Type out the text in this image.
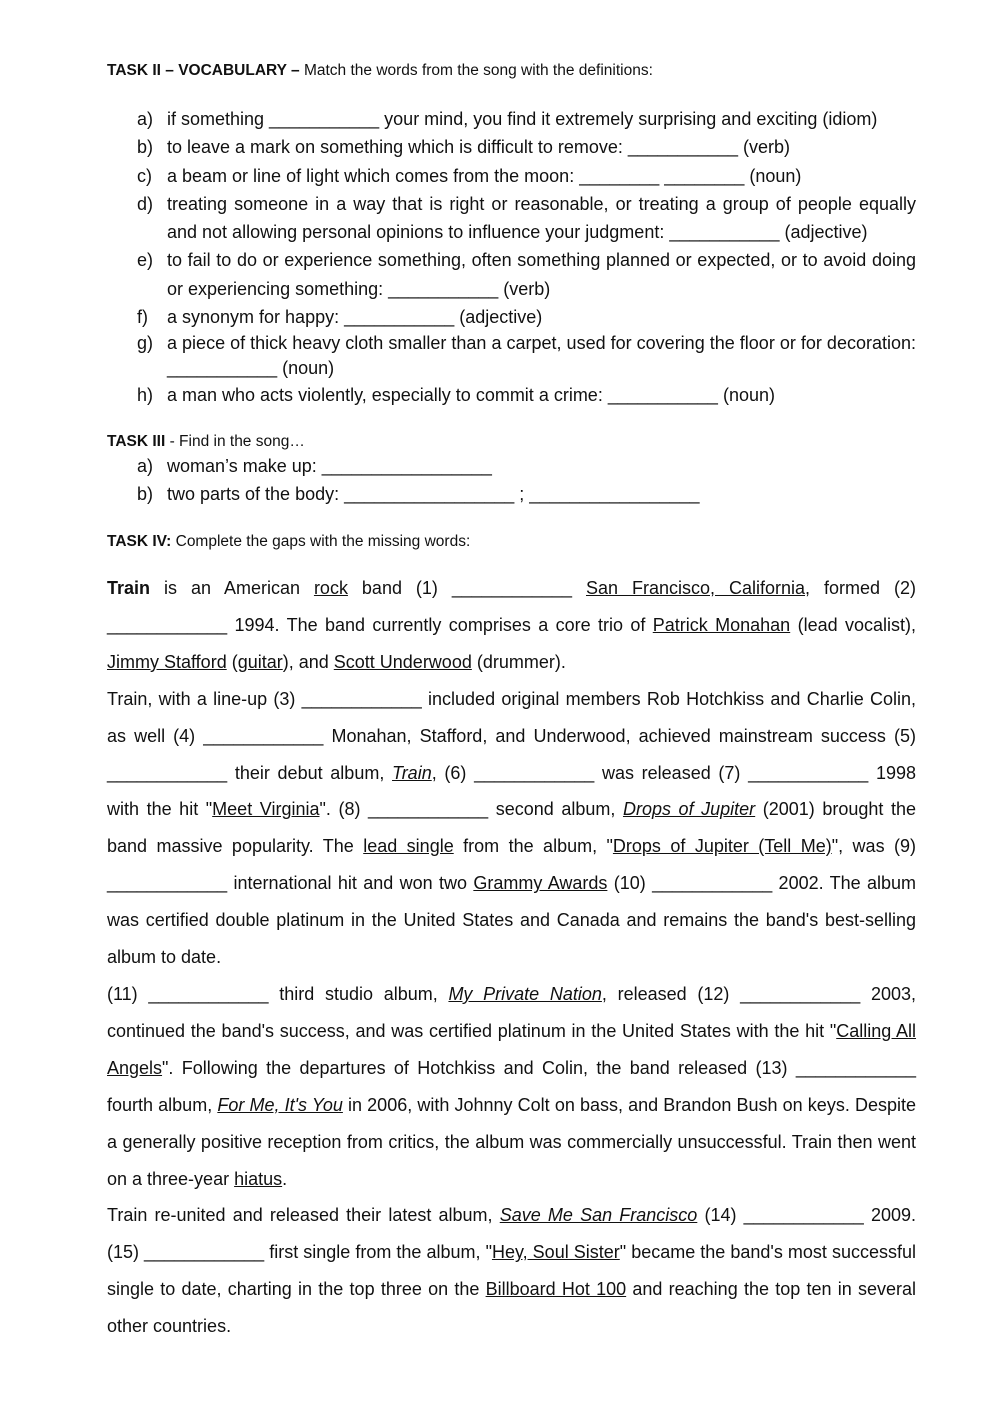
TASK II – VOCABULARY – Match the words from the song with the definitions:
a) if something ___________ your mind, you find it extremely surprising and exciting (idiom)
b) to leave a mark on something which is difficult to remove: ___________ (verb)
c) a beam or line of light which comes from the moon: ________ ________ (noun)
d) treating someone in a way that is right or reasonable, or treating a group of people equally and not allowing personal opinions to influence your judgment: ___________ (adjective)
e) to fail to do or experience something, often something planned or expected, or to avoid doing or experiencing something: ___________ (verb)
f) a synonym for happy: ___________ (adjective)
g) a piece of thick heavy cloth smaller than a carpet, used for covering the floor or for decoration: ___________ (noun)
h) a man who acts violently, especially to commit a crime: ___________ (noun)
TASK III - Find in the song…
a) woman’s make up: _________________
b) two parts of the body: _________________ ; _________________
TASK IV: Complete the gaps with the missing words:

Train is an American rock band (1) ____________ San Francisco, California, formed (2) ____________ 1994. The band currently comprises a core trio of Patrick Monahan (lead vocalist), Jimmy Stafford (guitar), and Scott Underwood (drummer).

Train, with a line-up (3) ____________ included original members Rob Hotchkiss and Charlie Colin, as well (4) ____________ Monahan, Stafford, and Underwood, achieved mainstream success (5) ____________ their debut album, Train, (6) ____________ was released (7) ____________ 1998 with the hit "Meet Virginia". (8) ____________ second album, Drops of Jupiter (2001) brought the band massive popularity. The lead single from the album, "Drops of Jupiter (Tell Me)", was (9) ____________ international hit and won two Grammy Awards (10) ____________ 2002. The album was certified double platinum in the United States and Canada and remains the band's best-selling album to date.

(11) ____________ third studio album, My Private Nation, released (12) ____________ 2003, continued the band's success, and was certified platinum in the United States with the hit "Calling All Angels". Following the departures of Hotchkiss and Colin, the band released (13) ____________ fourth album, For Me, It's You in 2006, with Johnny Colt on bass, and Brandon Bush on keys. Despite a generally positive reception from critics, the album was commercially unsuccessful. Train then went on a three-year hiatus.

Train re-united and released their latest album, Save Me San Francisco (14) ____________ 2009. (15) ____________ first single from the album, "Hey, Soul Sister" became the band's most successful single to date, charting in the top three on the Billboard Hot 100 and reaching the top ten in several other countries.
